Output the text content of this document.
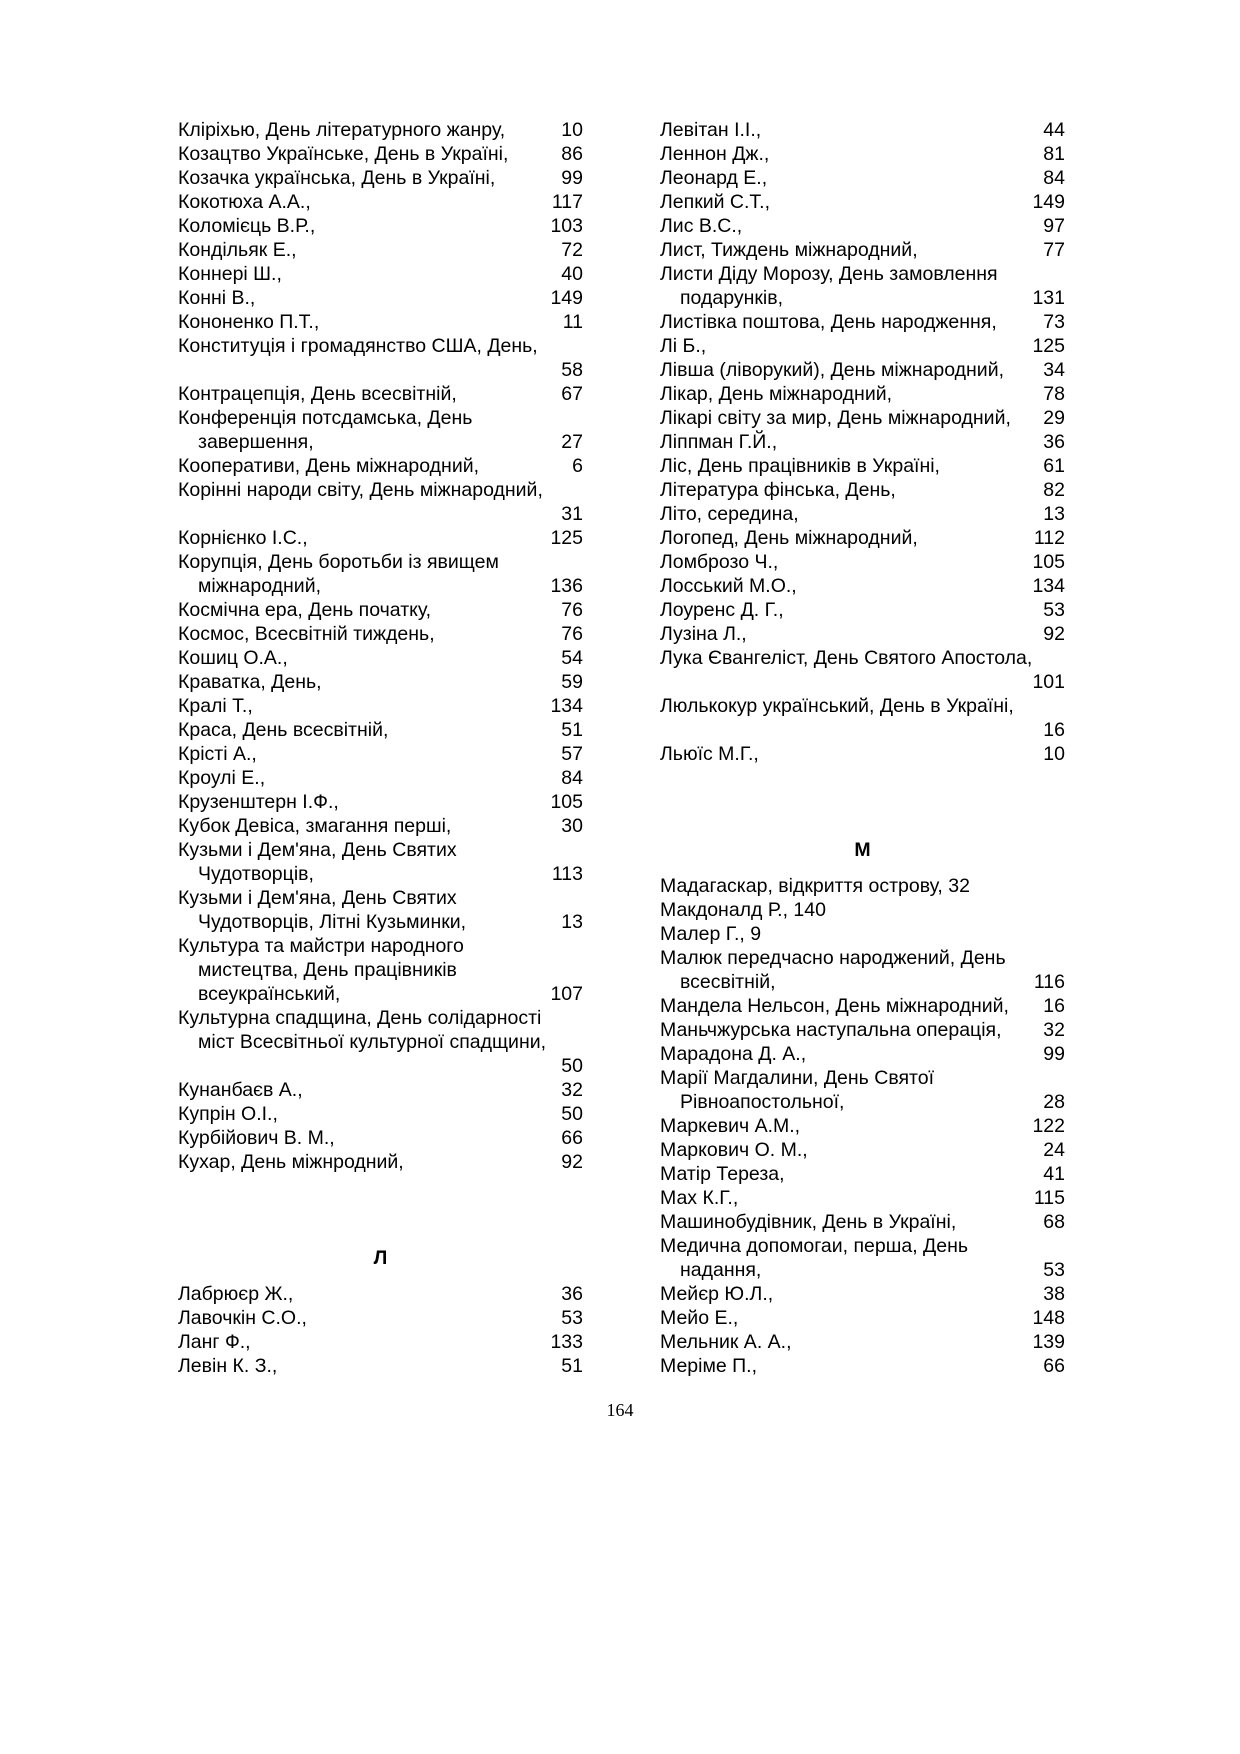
Кліріхью, День літературного жанру,	10
Козацтво Українське, День в Україні,	86
Козачка українська, День в Україні,	99
Кокотюха А.А.,	117
Коломієць В.Р.,	103
Кондільяк Е.,	72
Коннері Ш.,	40
Конні В.,	149
Кононенко П.Т.,	11
Конституція і громадянство США, День,
58
Контрацепція, День всесвітній,	67
Конференція потсдамська, День
завершення,	27
Кооперативи, День міжнародний,	6
Корінні народи світу, День міжнародний,
31
Корнієнко І.С.,	125
Корупція, День боротьби із явищем
міжнародний,	136
Космічна ера, День початку,	76
Космос, Всесвітній тиждень,	76
Кошиц О.А.,	54
Краватка, День,	59
Кралі Т.,	134
Краса, День всесвітній,	51
Крісті А.,	57
Кроулі Е.,	84
Крузенштерн І.Ф.,	105
Кубок Девіса, змагання перші,	30
Кузьми і Дем'яна, День Святих
Чудотворців,	113
Кузьми і Дем'яна, День Святих
Чудотворців, Літні Кузьминки,	13
Культура та майстри народного
мистецтва, День працівників
всеукраїнський,	107
Культурна спадщина, День солідарності
міст Всесвітньої культурної спадщини,
50
Кунанбаєв А.,	32
Купрін О.І.,	50
Курбійович В. М.,	66
Кухар, День міжнродний,	92
Л
Лабрюєр Ж.,	36
Лавочкін С.О.,	53
Ланг Ф.,	133
Левін К. З.,	51
Левітан І.І.,	44
Леннон Дж.,	81
Леонард Е.,	84
Лепкий С.Т.,	149
Лис В.С.,	97
Лист, Тиждень міжнародний,	77
Листи Діду Морозу, День замовлення
подарунків,	131
Листівка поштова, День народження,	73
Лі Б.,	125
Лівша (ліворукий), День міжнародний,	34
Лікар, День міжнародний,	78
Лікарі світу за мир, День міжнародний,	29
Ліппман Г.Й.,	36
Ліс, День працівників в Україні,	61
Література фінська, День,	82
Літо, середина,	13
Логопед, День міжнародний,	112
Ломброзо Ч.,	105
Лосський М.О.,	134
Лоуренс Д. Г.,	53
Лузіна Л.,	92
Лука Євангеліст, День Святого Апостола,
101
Люлькокур український, День в Україні,
16
Льюїс М.Г.,	10
М
Мадагаскар, відкриття острову, 32
Макдоналд Р., 140
Малер Г., 9
Малюк передчасно народжений, День
всесвітній,	116
Мандела Нельсон, День міжнародний,	16
Маньчжурська наступальна операція,	32
Марадона Д. А.,	99
Марії Магдалини, День Святої
Рівноапостольної,	28
Маркевич А.М.,	122
Маркович О. М.,	24
Матір Тереза,	41
Мах К.Г.,	115
Машинобудівник, День в Україні,	68
Медична допомогаи, перша, День
надання,	53
Мейєр Ю.Л.,	38
Мейо Е.,	148
Мельник А. А.,	139
Меріме П.,	66
164
